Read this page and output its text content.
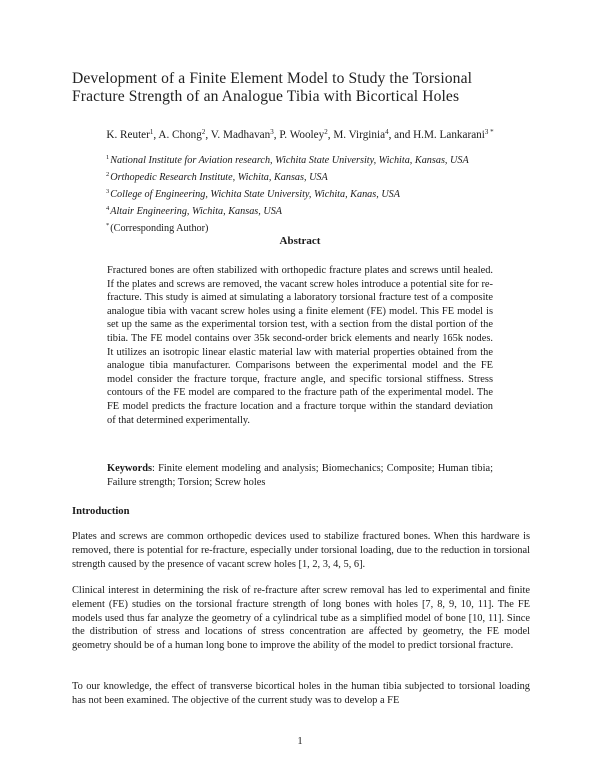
Development of a Finite Element Model to Study the Torsional
Fracture Strength of an Analogue Tibia with Bicortical Holes
K. Reuter$^1$, A. Chong$^2$, V. Madhavan$^3$, P. Wooley$^2$, M. Virginia$^4$, and H.M. Lankarani$^{3 *}$
$^1$National Institute for Aviation research, Wichita State University, Wichita, Kansas, USA
$^2$Orthopedic Research Institute, Wichita, Kansas, USA
$^3$College of Engineering, Wichita State University, Wichita, Kanas, USA
$^4$Altair Engineering, Wichita, Kansas, USA
*(Corresponding Author)
Abstract
Fractured bones are often stabilized with orthopedic fracture plates and screws until healed. If the plates and screws are removed, the vacant screw holes introduce a potential site for re-fracture. This study is aimed at simulating a laboratory torsional fracture test of a composite analogue tibia with vacant screw holes using a finite element (FE) model. This FE model is set up the same as the experimental torsion test, with a section from the distal portion of the tibia. The FE model contains over 35k second-order brick elements and nearly 165k nodes. It utilizes an isotropic linear elastic material law with material properties obtained from the analogue tibia manufacturer. Comparisons between the experimental model and the FE model consider the fracture torque, fracture angle, and specific torsional stiffness. Stress contours of the FE model are compared to the fracture path of the experimental model. The FE model predicts the fracture location and a fracture torque within the standard deviation of that determined experimentally.
Keywords: Finite element modeling and analysis; Biomechanics; Composite; Human tibia; Failure strength; Torsion; Screw holes
Introduction
Plates and screws are common orthopedic devices used to stabilize fractured bones. When this hardware is removed, there is potential for re-fracture, especially under torsional loading, due to the reduction in torsional strength caused by the presence of vacant screw holes [1, 2, 3, 4, 5, 6].
Clinical interest in determining the risk of re-fracture after screw removal has led to experimental and finite element (FE) studies on the torsional fracture strength of long bones with holes [7, 8, 9, 10, 11]. The FE models used thus far analyze the geometry of a cylindrical tube as a simplified model of bone [10, 11]. Since the distribution of stress and locations of stress concentration are affected by geometry, the FE model geometry should be of a human long bone to improve the ability of the model to predict torsional fracture.
To our knowledge, the effect of transverse bicortical holes in the human tibia subjected to torsional loading has not been examined. The objective of the current study was to develop a FE
1
